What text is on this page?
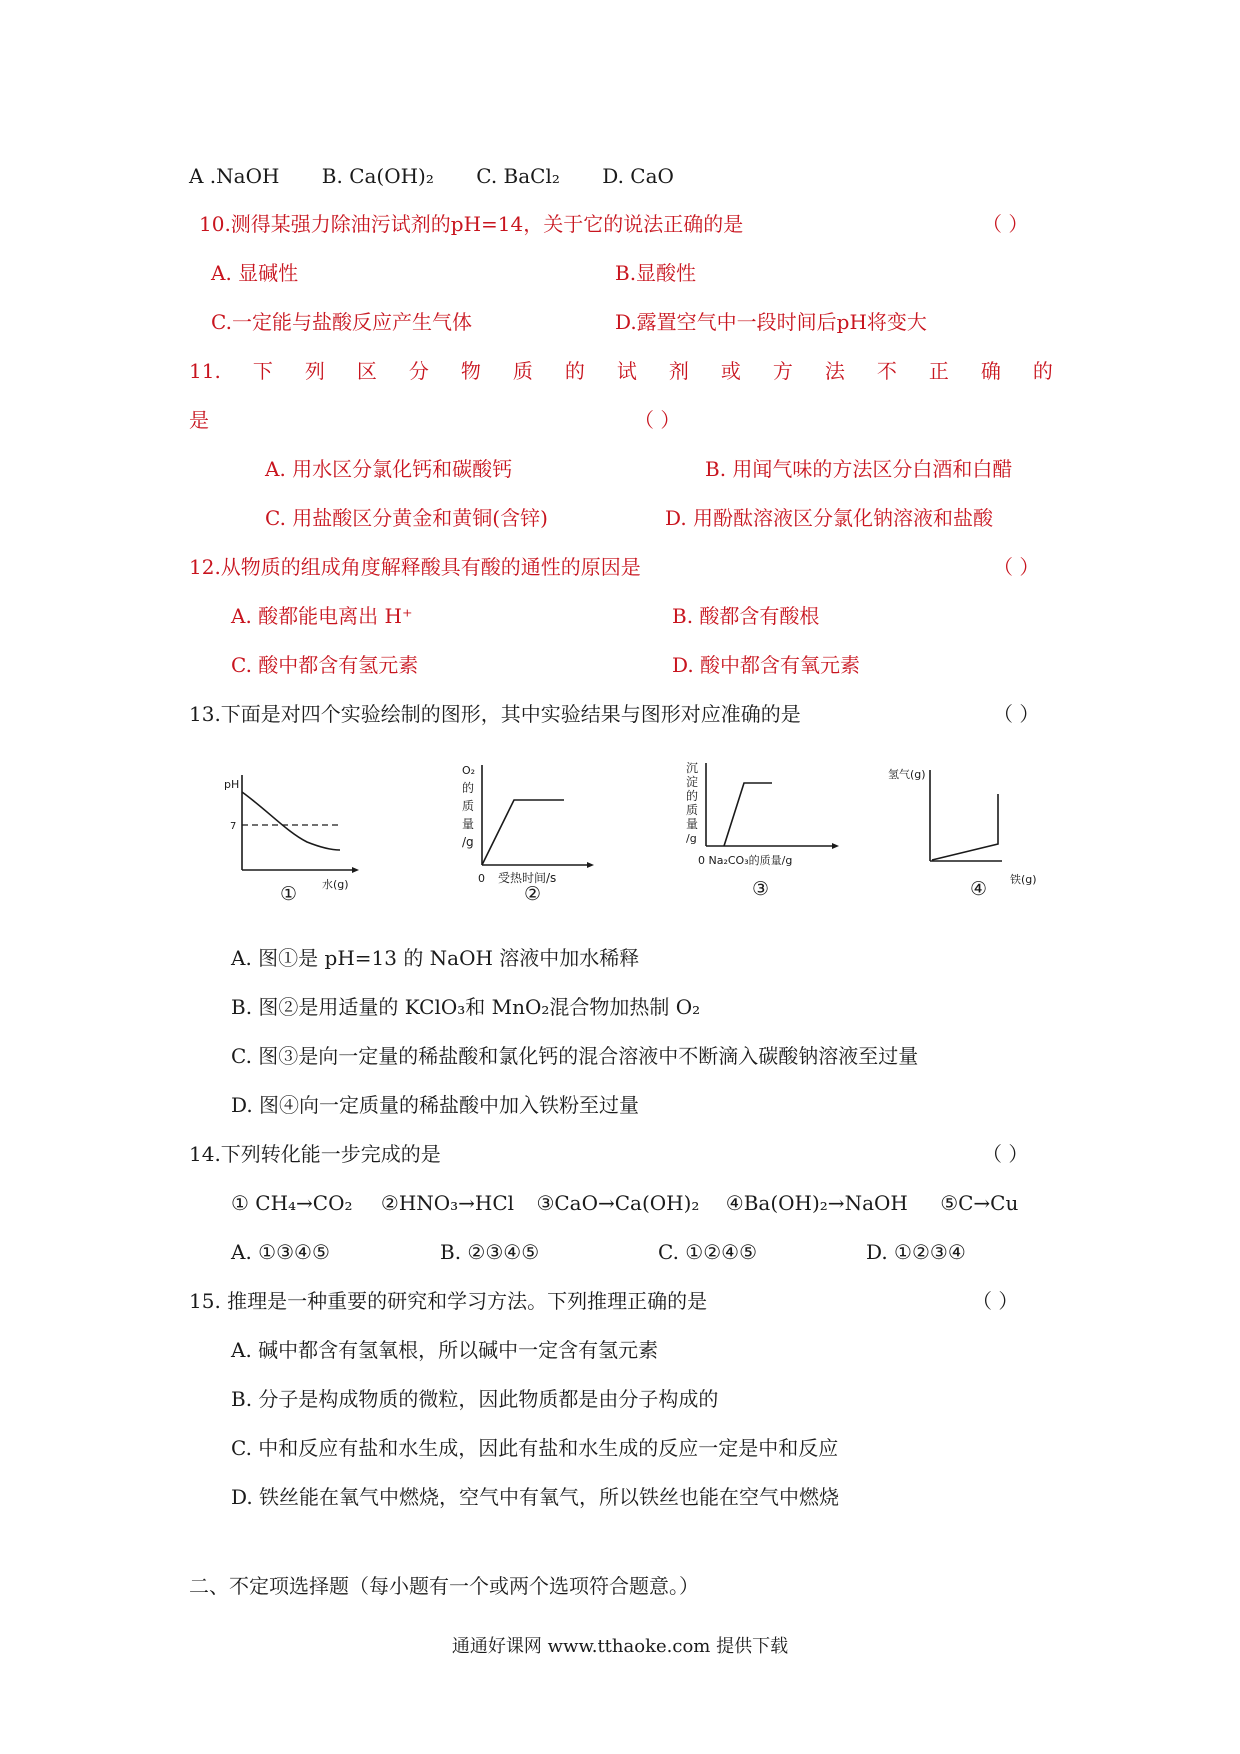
A .NaOH B. Ca(OH)₂ C. BaCl₂ D. CaO
10.测得某强力除油污试剂的pH=14，关于它的说法正确的是	（ ）
A. 显碱性	B.显酸性
C.一定能与盐酸反应产生气体	D.露置空气中一段时间后pH将变大
11. 下 列 区 分 物 质 的 试 剂 或 方 法 不 正 确 的
是	（ ）
A. 用水区分氯化钙和碳酸钙	B. 用闻气味的方法区分白酒和白醋
C. 用盐酸区分黄金和黄铜(含锌)	D. 用酚酞溶液区分氯化钠溶液和盐酸
12.从物质的组成角度解释酸具有酸的通性的原因是	（ ）
A. 酸都能电离出 H⁺	B. 酸都含有酸根
C. 酸中都含有氢元素	D. 酸中都含有氧元素
13.下面是对四个实验绘制的图形，其中实验结果与图形对应准确的是	（ ）
pH
7
水(g)
①
O₂
的
质
量
/g
0 受热时间/s
②
沉
淀
的
质
量
/g
0 Na₂CO₃的质量/g
③
氢气(g)
铁(g)
④
A. 图①是 pH=13 的 NaOH 溶液中加水稀释
B. 图②是用适量的 KClO₃和 MnO₂混合物加热制 O₂
C. 图③是向一定量的稀盐酸和氯化钙的混合溶液中不断滴入碳酸钠溶液至过量
D. 图④向一定质量的稀盐酸中加入铁粉至过量
14.下列转化能一步完成的是	（ ）
① CH₄→CO₂ ②HNO₃→HCl ③CaO→Ca(OH)₂ ④Ba(OH)₂→NaOH ⑤C→Cu
A. ①③④⑤	B. ②③④⑤	C. ①②④⑤	D. ①②③④
15. 推理是一种重要的研究和学习方法。下列推理正确的是	（ ）
A. 碱中都含有氢氧根，所以碱中一定含有氢元素
B. 分子是构成物质的微粒，因此物质都是由分子构成的
C. 中和反应有盐和水生成，因此有盐和水生成的反应一定是中和反应
D. 铁丝能在氧气中燃烧，空气中有氧气，所以铁丝也能在空气中燃烧
二、不定项选择题（每小题有一个或两个选项符合题意。）
通通好课网 www.tthaoke.com 提供下载
